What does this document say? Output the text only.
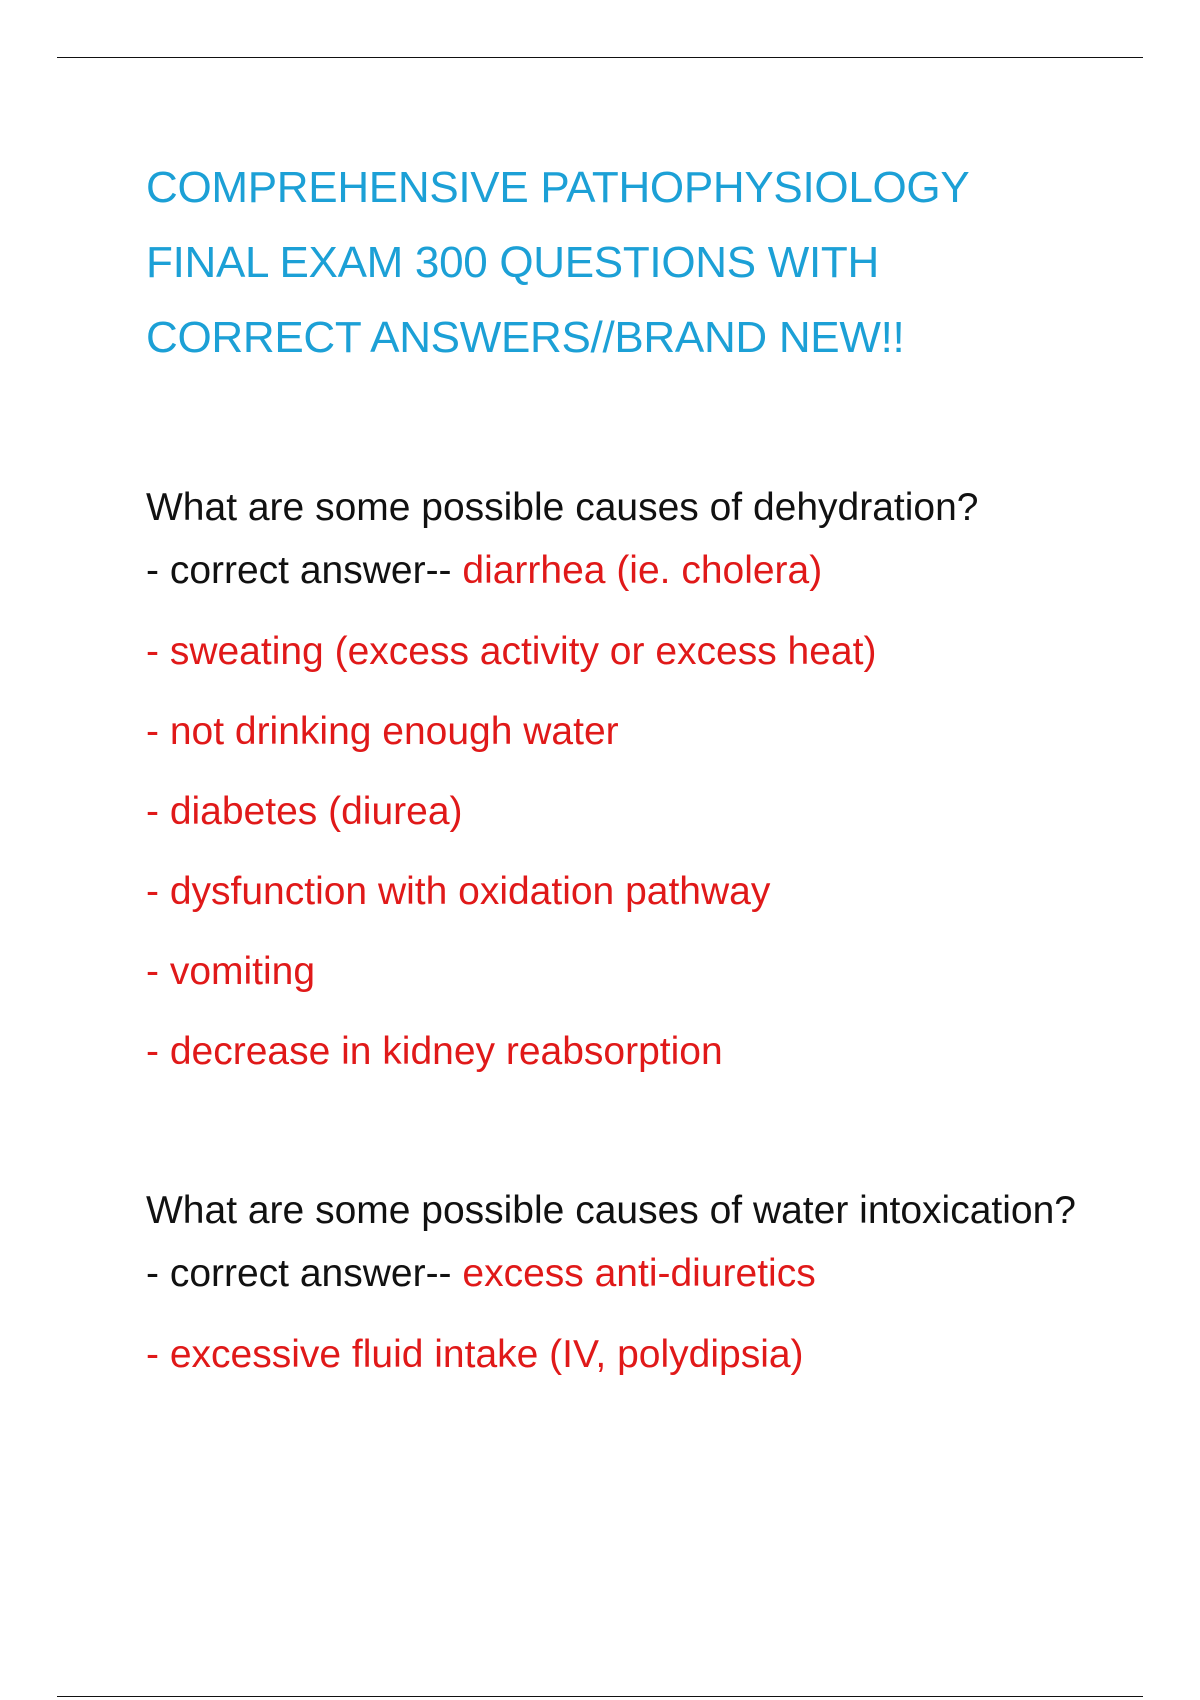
COMPREHENSIVE PATHOPHYSIOLOGY
FINAL EXAM 300 QUESTIONS WITH
CORRECT ANSWERS//BRAND NEW!!

What are some possible causes of dehydration?
- correct answer-- diarrhea (ie. cholera)

- sweating (excess activity or excess heat)

- not drinking enough water

- diabetes (diurea)

- dysfunction with oxidation pathway

- vomiting

- decrease in kidney reabsorption

What are some possible causes of water intoxication? - correct answer-- excess anti-diuretics

- excessive fluid intake (IV, polydipsia)
